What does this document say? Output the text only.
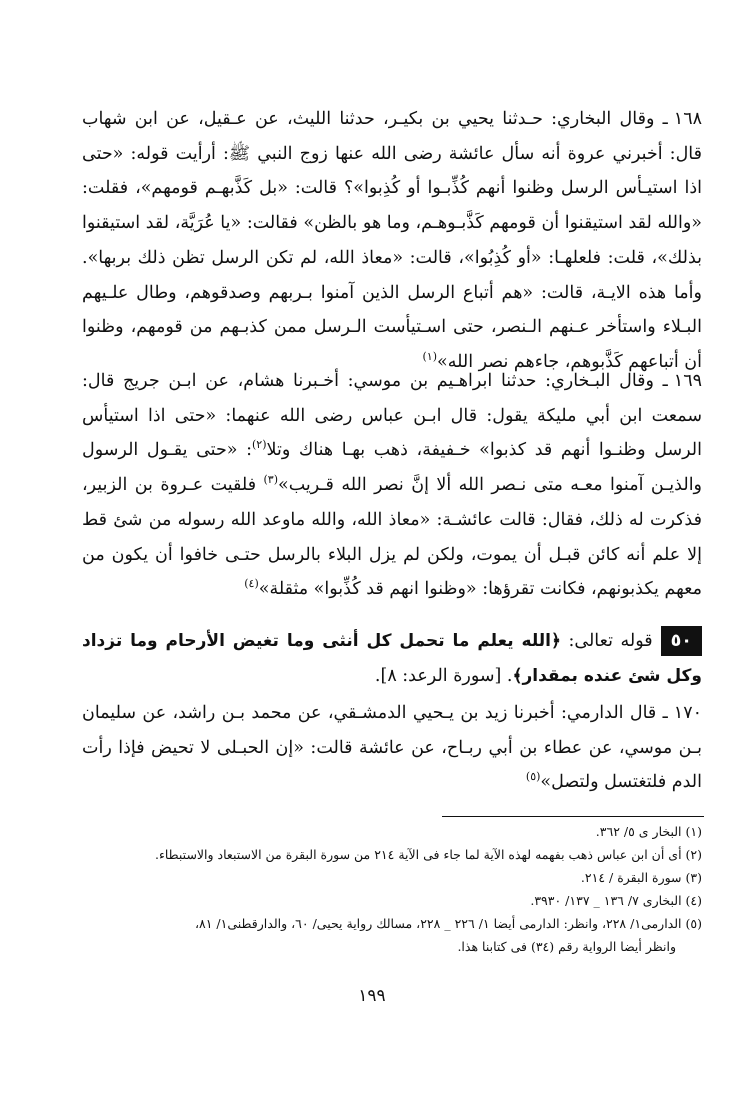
١٦٨ـ وقال البخاري: حـدثنا يحيي بن بكيـر، حدثنا الليث، عن عـقيل، عن ابن شهاب قال: أخبرني عروة أنه سأل عائشة رضى الله عنها زوج النبي ﷺ: أرأيت قوله: «حتى اذا استيـأس الرسل وظنوا أنهم كُذِّبـوا أو كُذِبوا»؟ قالت: «بل كَذَّبهـم قومهم»، فقلت: «والله لقد استيقنوا أن قومهم كَذَّبـوهـم، وما هو بالظن» فقالت: «يا عُرَيَّة، لقد استيقنوا بذلك»، قلت: فلعلهـا: «أو كُذِبُوا»، قالت: «معاذ الله، لم تكن الرسل تظن ذلك بربها». وأما هذه الايـة، قالت: «هم أتباع الرسل الذين آمنوا بـربهم وصدقوهم، وطال علـيهم البـلاء واستأخر عـنهم الـنصر، حتى اسـتيأست الـرسل ممن كذبـهم من قومهم، وظنوا أن أتباعهم كَذَّبوهم، جاءهم نصر الله»$^{(١)}$

١٦٩ـ وقال البـخاري: حدثنا ابراهـيم بن موسي: أخـبرنا هشام، عن ابـن جريج قال: سمعت ابن أبي مليكة يقول: قال ابـن عباس رضى الله عنهما: «حتى اذا استيأس الرسل وظنـوا أنهم قد كذبوا» خـفيفة، ذهب بهـا هناك وتلا$^{(٢)}$: «حتى يقـول الرسول والذيـن آمنوا معـه متى نـصر الله ألا إنَّ نصر الله قـريب»$^{(٣)}$ فلقيت عـروة بن الزبير، فذكرت له ذلك، فقال: قالت عائشـة: «معاذ الله، والله ماوعد الله رسوله من شئ قط إلا علم أنه كائن قبـل أن يموت، ولكن لم يزل البلاء بالرسل حتـى خافوا أن يكون من معهم يكذبونهم، فكانت تقرؤها: «وظنوا انهم قد كُذِّبوا» مثقلة»$^{(٤)}$

٥٠قوله تعالى: ﴿الله يعلم ما تحمل كل أنثى وما تغيض الأرحام وما تزداد وكل شئ عنده بمقدار﴾. [سورة الرعد: ٨].

١٧٠ـ قال الدارمي: أخبرنا زيد بن يـحيي الدمشـقي، عن محمد بـن راشد، عن سليمان بـن موسي، عن عطاء بن أبي ربـاح، عن عائشة قالت: «إن الحبـلى لا تحيض فإذا رأت الدم فلتغتسل ولتصل»$^{(٥)}$

(١) البخار ى ٥/ ٣٦٢.
(٢) أى أن ابن عباس ذهب بفهمه لهذه الآية لما جاء فى الآية ٢١٤ من سورة البقرة من الاستبعاد والاستبطاء.
(٣) سورة البقرة / ٢١٤.
(٤) البخارى ٧/ ١٣٦ _ ١٣٧/ ٣٩٣٠.
(٥) الدارمى١/ ٢٢٨، وانظر: الدارمى أيضا ١/ ٢٢٦ _ ٢٢٨، مسالك رواية يحيى/ ٦٠، والدارقطنى١/ ٨١،
وانظر أيضا الرواية رقم (٣٤) فى كتابنا هذا.
١٩٩
